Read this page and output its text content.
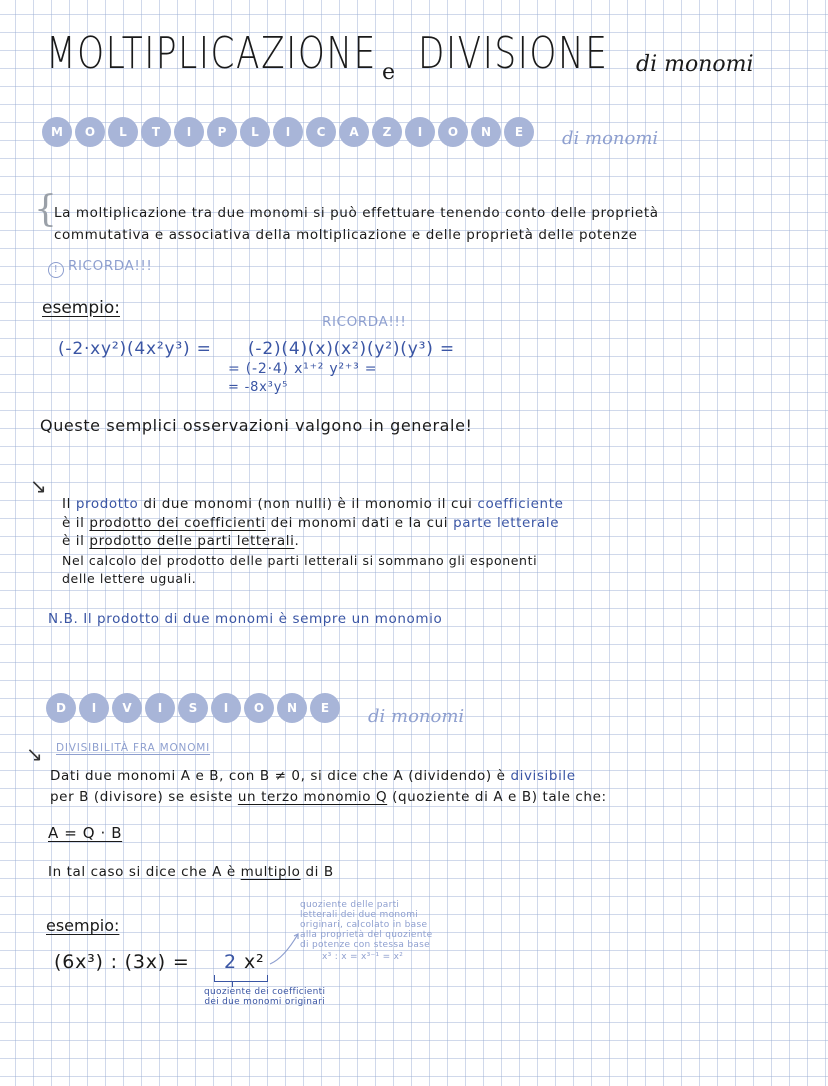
MOLTIPLICAZIONE e DIVISIONE di monomi
M	O	L	T	I	P	L	I	C	A	Z	I	O	N	E	di monomi
{
La moltiplicazione tra due monomi si può effettuare tenendo conto delle proprietà
commutativa e associativa della moltiplicazione e delle proprietà delle potenze
! RICORDA!!!
esempio:
RICORDA!!!
(-2·xy²)(4x²y³) = (-2)(4)(x)(x²)(y²)(y³) =
= (-2·4) x¹⁺² y²⁺³ =
= -8x³y⁵
Queste semplici osservazioni valgono in generale!
↘
Il prodotto di due monomi (non nulli) è il monomio il cui coefficiente
è il prodotto dei coefficienti dei monomi dati e la cui parte letterale
è il prodotto delle parti letterali.
Nel calcolo del prodotto delle parti letterali si sommano gli esponenti
delle lettere uguali.
N.B. Il prodotto di due monomi è sempre un monomio
D	I	V	I	S	I	O	N	E	di monomi
↘ DIVISIBILITÀ FRA MONOMI
Dati due monomi A e B, con B ≠ 0, si dice che A (dividendo) è divisibile
per B (divisore) se esiste un terzo monomio Q (quoziente di A e B) tale che:
A = Q · B
In tal caso si dice che A è multiplo di B
esempio:
(6x³) : (3x) = 2 x²
quoziente delle parti
letterali dei due monomi
originari, calcolato in base
alla proprietà del quoziente
di potenze con stessa base
x³ : x = x³⁻¹ = x²
quoziente dei coefficienti
dei due monomi originari
